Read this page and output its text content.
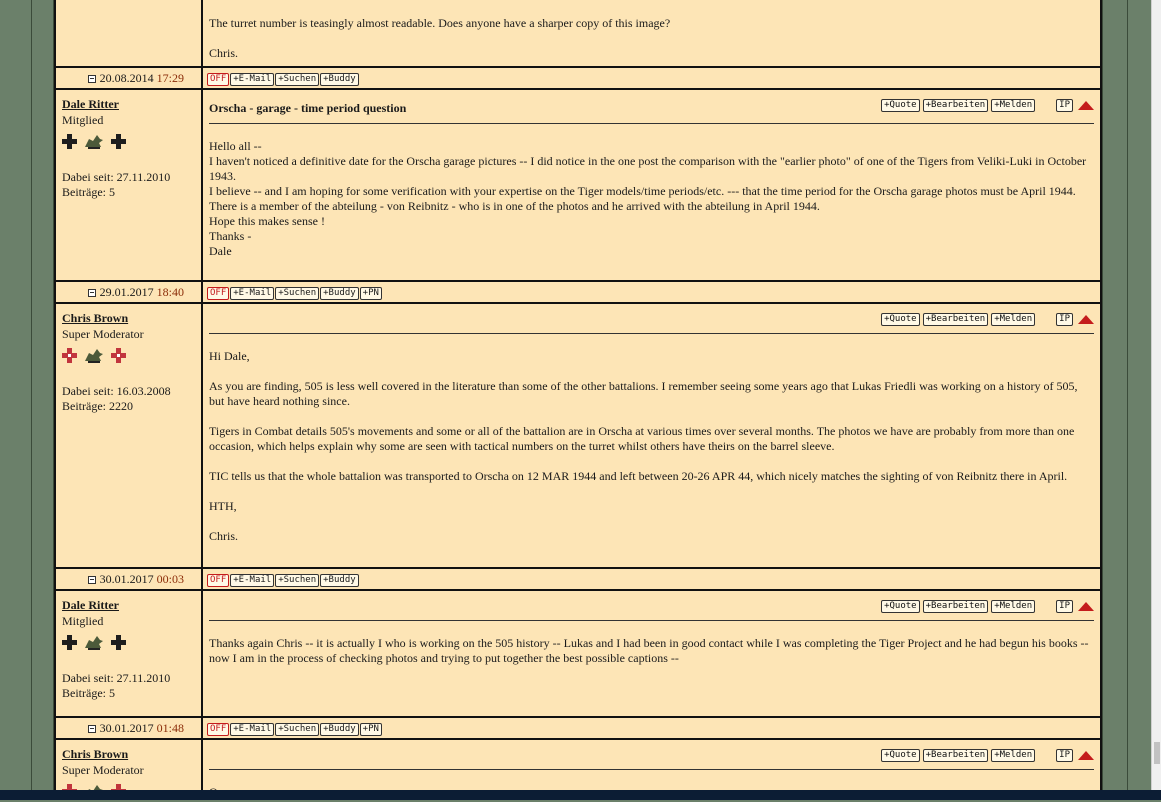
The turret number is teasingly almost readable. Does anyone have a sharper copy of this image?

Chris.

20.08.2014 17:29	OFF +E-Mail +Suchen +Buddy
Dale Ritter
Mitglied
Dabei seit: 27.11.2010
Beiträge: 5
Orscha - garage - time period question	+Quote	+Bearbeiten	+Melden	IP

Hello all --

I haven't noticed a definitive date for the Orscha garage pictures -- I did notice in the one post the comparison with the "earlier photo" of one of the Tigers from Veliki-Luki in October 1943.

I believe -- and I am hoping for some verification with your expertise on the Tiger models/time periods/etc. --- that the time period for the Orscha garage photos must be April 1944.

There is a member of the abteilung - von Reibnitz - who is in one of the photos and he arrived with the abteilung in April 1944.

Hope this makes sense !

Thanks -

Dale

29.01.2017 18:40	OFF +E-Mail +Suchen +Buddy +PN
Chris Brown
Super Moderator
Dabei seit: 16.03.2008
Beiträge: 2220
+Quote	+Bearbeiten	+Melden	IP

Hi Dale,

As you are finding, 505 is less well covered in the literature than some of the other battalions. I remember seeing some years ago that Lukas Friedli was working on a history of 505, but have heard nothing since.

Tigers in Combat details 505's movements and some or all of the battalion are in Orscha at various times over several months. The photos we have are probably from more than one occasion, which helps explain why some are seen with tactical numbers on the turret whilst others have theirs on the barrel sleeve.

TIC tells us that the whole battalion was transported to Orscha on 12 MAR 1944 and left between 20-26 APR 44, which nicely matches the sighting of von Reibnitz there in April.

HTH,

Chris.

30.01.2017 00:03	OFF +E-Mail +Suchen +Buddy
Dale Ritter
Mitglied
Dabei seit: 27.11.2010
Beiträge: 5
+Quote	+Bearbeiten	+Melden	IP

Thanks again Chris -- it is actually I who is working on the 505 history -- Lukas and I had been in good contact while I was completing the Tiger Project and he had begun his books -- now I am in the process of checking photos and trying to put together the best possible captions --

30.01.2017 01:48	OFF +E-Mail +Suchen +Buddy +PN
Chris Brown
Super Moderator
+Quote	+Bearbeiten	+Melden	IP
